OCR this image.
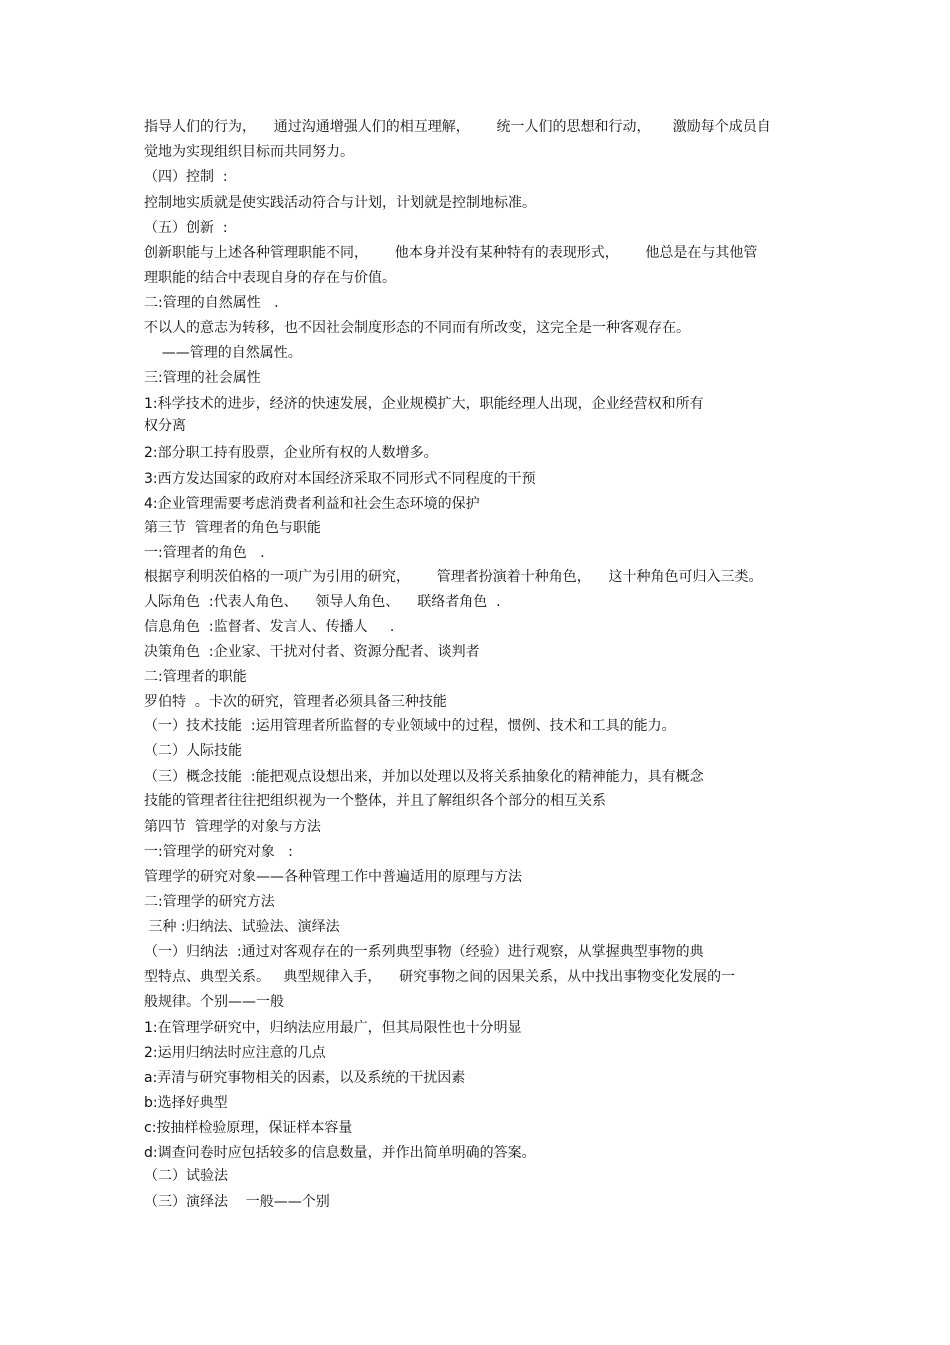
指导人们的行为，    通过沟通增强人们的相互理解，      统一人们的思想和行动，     激励每个成员自
觉地为实现组织目标而共同努力。
（四）控制  :
控制地实质就是使实践活动符合与计划，计划就是控制地标准。
（五）创新  :
创新职能与上述各种管理职能不同，      他本身并没有某种特有的表现形式，      他总是在与其他管
理职能的结合中表现自身的存在与价值。
二:管理的自然属性   .
不以人的意志为转移，也不因社会制度形态的不同而有所改变，这完全是一种客观存在。
——管理的自然属性。
三:管理的社会属性
1:科学技术的进步，经济的快速发展，企业规模扩大，职能经理人出现，企业经营权和所有
权分离
2:部分职工持有股票，企业所有权的人数增多。
3:西方发达国家的政府对本国经济采取不同形式不同程度的干预
4:企业管理需要考虑消费者利益和社会生态环境的保护
第三节  管理者的角色与职能
一:管理者的角色   .
根据亨利明茨伯格的一项广为引用的研究，      管理者扮演着十种角色，    这十种角色可归入三类。
人际角色  :代表人角色、    领导人角色、    联络者角色  .
信息角色  :监督者、发言人、传播人     .
决策角色  :企业家、干扰对付者、资源分配者、谈判者
二:管理者的职能
罗伯特  。卡次的研究，管理者必须具备三种技能
（一）技术技能  :运用管理者所监督的专业领域中的过程，惯例、技术和工具的能力。
（二）人际技能
（三）概念技能  :能把观点设想出来，并加以处理以及将关系抽象化的精神能力，具有概念
技能的管理者往往把组织视为一个整体，并且了解组织各个部分的相互关系
第四节  管理学的对象与方法
一:管理学的研究对象   :
管理学的研究对象——各种管理工作中普遍适用的原理与方法
二:管理学的研究方法
三种 :归纳法、试验法、演绎法
（一）归纳法  :通过对客观存在的一系列典型事物（经验）进行观察，从掌握典型事物的典
型特点、典型关系。   典型规律入手，    研究事物之间的因果关系，从中找出事物变化发展的一
般规律。个别——一般
1:在管理学研究中，归纳法应用最广，但其局限性也十分明显
2:运用归纳法时应注意的几点
a:弄清与研究事物相关的因素，以及系统的干扰因素
b:选择好典型
c:按抽样检验原理，保证样本容量
d:调查问卷时应包括较多的信息数量，并作出简单明确的答案。
（二）试验法
（三）演绎法    一般——个别
